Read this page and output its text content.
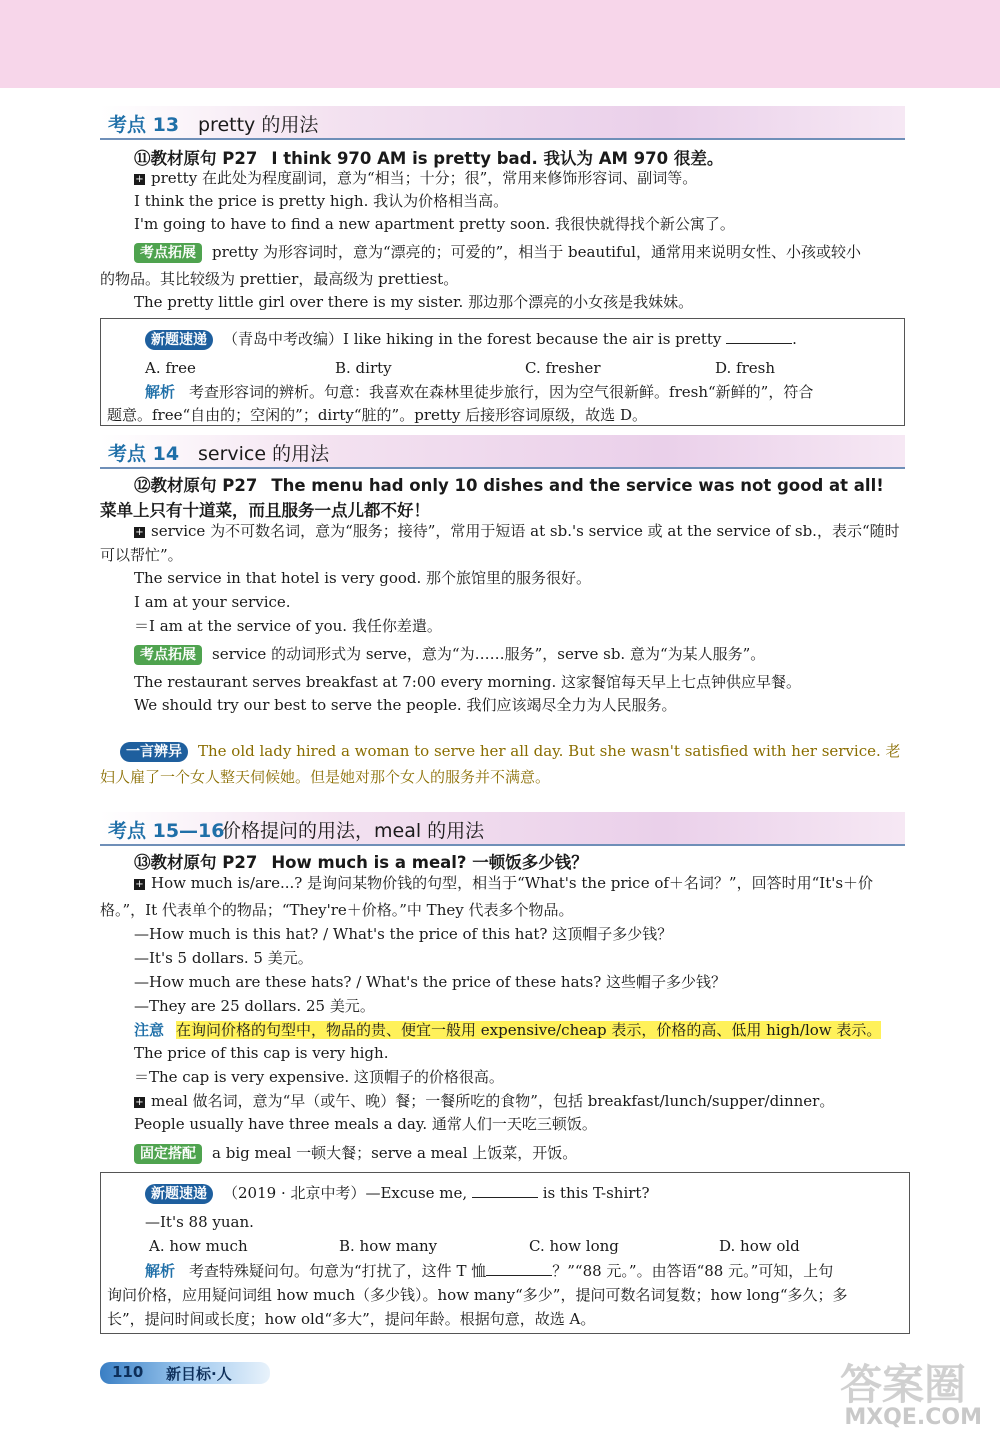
考点 13 pretty 的用法
⑪教材原句 P27 I think 970 AM is pretty bad. 我认为 AM 970 很差。
+ pretty 在此处为程度副词，意为“相当；十分；很”，常用来修饰形容词、副词等。
I think the price is pretty high. 我认为价格相当高。
I'm going to have to find a new apartment pretty soon. 我很快就得找个新公寓了。
考点拓展 pretty 为形容词时，意为“漂亮的；可爱的”，相当于 beautiful，通常用来说明女性、小孩或较小
的物品。其比较级为 prettier，最高级为 prettiest。
The pretty little girl over there is my sister. 那边那个漂亮的小女孩是我妹妹。
新题速递 （青岛中考改编）I like hiking in the forest because the air is pretty	.
A. free	B. dirty	C. fresher	D. fresh
解析 考查形容词的辨析。句意：我喜欢在森林里徒步旅行，因为空气很新鲜。fresh“新鲜的”，符合
题意。free“自由的；空闲的”；dirty“脏的”。pretty 后接形容词原级，故选 D。
考点 14 service 的用法
⑫教材原句 P27 The menu had only 10 dishes and the service was not good at all!
菜单上只有十道菜，而且服务一点儿都不好！
+ service 为不可数名词，意为“服务；接待”，常用于短语 at sb.'s service 或 at the service of sb.，表示“随时
可以帮忙”。
The service in that hotel is very good. 那个旅馆里的服务很好。
I am at your service.
＝I am at the service of you. 我任你差遣。
考点拓展 service 的动词形式为 serve，意为“为……服务”，serve sb. 意为“为某人服务”。
The restaurant serves breakfast at 7:00 every morning. 这家餐馆每天早上七点钟供应早餐。
We should try our best to serve the people. 我们应该竭尽全力为人民服务。
一言辨异 The old lady hired a woman to serve her all day. But she wasn't satisfied with her service. 老
妇人雇了一个女人整天伺候她。但是她对那个女人的服务并不满意。
考点 15—16
价格提问的用法，meal 的用法
⑬教材原句 P27 How much is a meal? 一顿饭多少钱？
+ How much is/are...? 是询问某物价钱的句型，相当于“What's the price of＋名词？”，回答时用“It's＋价
格。”，It 代表单个的物品；“They're＋价格。”中 They 代表多个物品。
—How much is this hat? / What's the price of this hat? 这顶帽子多少钱？
—It's 5 dollars. 5 美元。
—How much are these hats? / What's the price of these hats? 这些帽子多少钱？
—They are 25 dollars. 25 美元。
注意 在询问价格的句型中，物品的贵、便宜一般用 expensive/cheap 表示，价格的高、低用 high/low 表示。
The price of this cap is very high.
＝The cap is very expensive. 这顶帽子的价格很高。
+ meal 做名词，意为“早（或午、晚）餐；一餐所吃的食物”，包括 breakfast/lunch/supper/dinner。
People usually have three meals a day. 通常人们一天吃三顿饭。
固定搭配 a big meal 一顿大餐；serve a meal 上饭菜，开饭。
新题速递 （2019 · 北京中考）—Excuse me,	is this T-shirt?
—It's 88 yuan.
A. how much	B. how many	C. how long	D. how old
解析 考查特殊疑问句。句意为“打扰了，这件 T 恤	？”“88 元。”。由答语“88 元。”可知，上句
询问价格，应用疑问词组 how much（多少钱）。how many“多少”，提问可数名词复数；how long“多久；多
长”，提问时间或长度；how old“多大”，提问年龄。根据句意，故选 A。
110 新目标·人	答案圈
MXQE.COM
